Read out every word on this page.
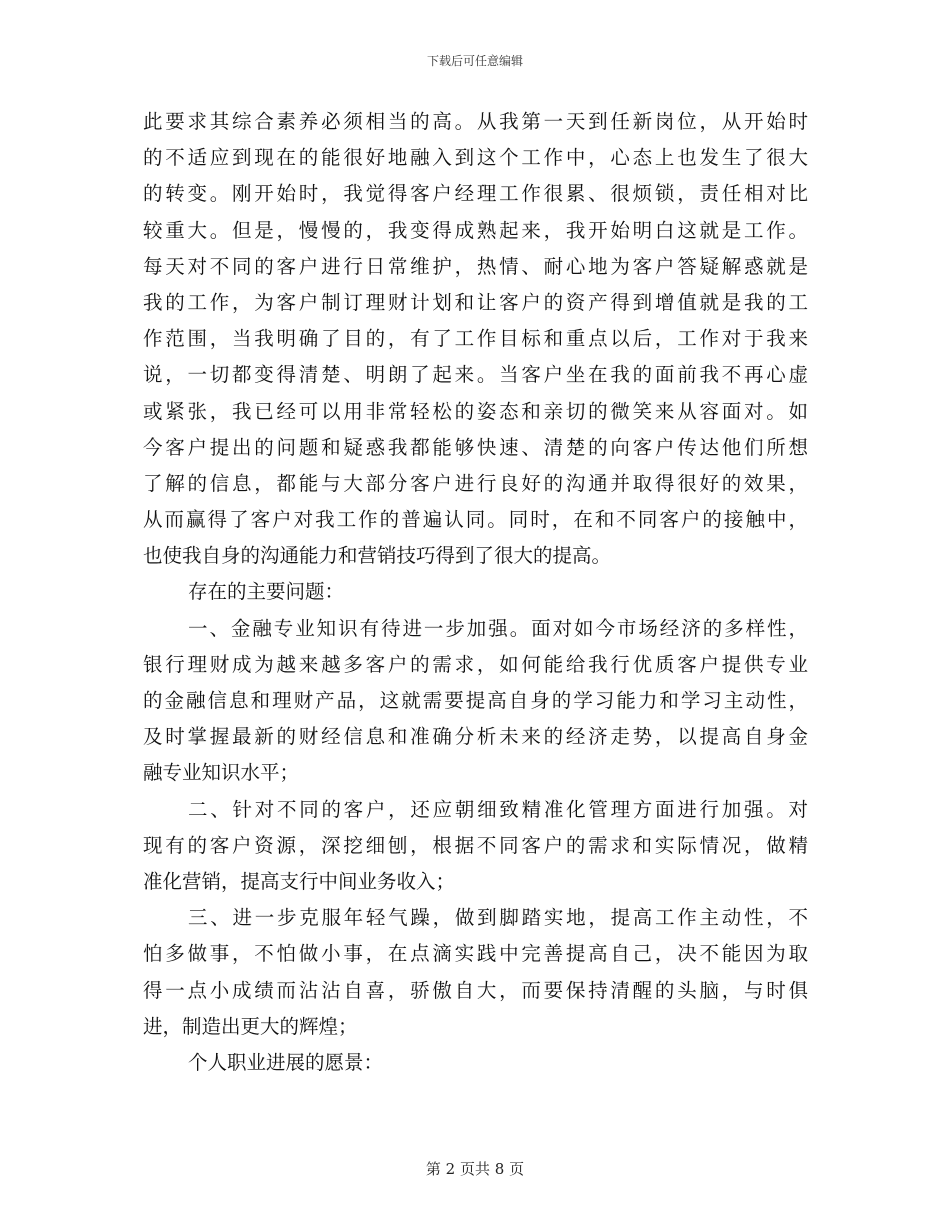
下载后可任意编辑
此要求其综合素养必须相当的高。从我第一天到任新岗位，从开始时
的不适应到现在的能很好地融入到这个工作中，心态上也发生了很大
的转变。刚开始时，我觉得客户经理工作很累、很烦锁，责任相对比
较重大。但是，慢慢的，我变得成熟起来，我开始明白这就是工作。
每天对不同的客户进行日常维护，热情、耐心地为客户答疑解惑就是
我的工作，为客户制订理财计划和让客户的资产得到增值就是我的工
作范围，当我明确了目的，有了工作目标和重点以后，工作对于我来
说，一切都变得清楚、明朗了起来。当客户坐在我的面前我不再心虚
或紧张，我已经可以用非常轻松的姿态和亲切的微笑来从容面对。如
今客户提出的问题和疑惑我都能够快速、清楚的向客户传达他们所想
了解的信息，都能与大部分客户进行良好的沟通并取得很好的效果，
从而赢得了客户对我工作的普遍认同。同时，在和不同客户的接触中，
也使我自身的沟通能力和营销技巧得到了很大的提高。
存在的主要问题：
一、金融专业知识有待进一步加强。面对如今市场经济的多样性，
银行理财成为越来越多客户的需求，如何能给我行优质客户提供专业
的金融信息和理财产品，这就需要提高自身的学习能力和学习主动性，
及时掌握最新的财经信息和准确分析未来的经济走势，以提高自身金
融专业知识水平；
二、针对不同的客户，还应朝细致精准化管理方面进行加强。对
现有的客户资源，深挖细刨，根据不同客户的需求和实际情况，做精
准化营销，提高支行中间业务收入；
三、进一步克服年轻气躁，做到脚踏实地，提高工作主动性，不
怕多做事，不怕做小事，在点滴实践中完善提高自己，决不能因为取
得一点小成绩而沾沾自喜，骄傲自大，而要保持清醒的头脑，与时俱
进，制造出更大的辉煌；
个人职业进展的愿景：
第 2 页共 8 页
